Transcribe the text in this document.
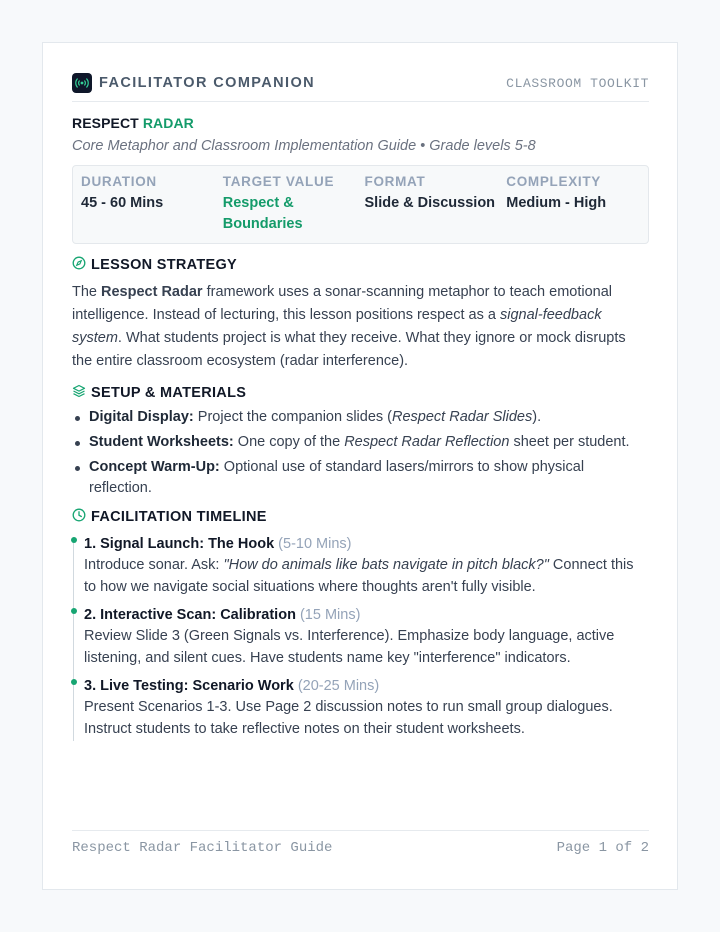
FACILITATOR COMPANION	CLASSROOM TOOLKIT
RESPECT RADAR
Core Metaphor and Classroom Implementation Guide • Grade levels 5-8
DURATION
45 - 60 Mins
TARGET VALUE
Respect & Boundaries
FORMAT
Slide & Discussion
COMPLEXITY
Medium - High
LESSON STRATEGY

The Respect Radar framework uses a sonar-scanning metaphor to teach emotional intelligence. Instead of lecturing, this lesson positions respect as a signal-feedback system. What students project is what they receive. What they ignore or mock disrupts the entire classroom ecosystem (radar interference).

SETUP & MATERIALS
Digital Display: Project the companion slides (Respect Radar Slides).
Student Worksheets: One copy of the Respect Radar Reflection sheet per student.
Concept Warm-Up: Optional use of standard lasers/mirrors to show physical reflection.
FACILITATION TIMELINE
1. Signal Launch: The Hook (5-10 Mins)
Introduce sonar. Ask: "How do animals like bats navigate in pitch black?" Connect this to how we navigate social situations where thoughts aren't fully visible.
2. Interactive Scan: Calibration (15 Mins)
Review Slide 3 (Green Signals vs. Interference). Emphasize body language, active listening, and silent cues. Have students name key "interference" indicators.
3. Live Testing: Scenario Work (20-25 Mins)
Present Scenarios 1-3. Use Page 2 discussion notes to run small group dialogues. Instruct students to take reflective notes on their student worksheets.
Respect Radar Facilitator Guide	Page 1 of 2
